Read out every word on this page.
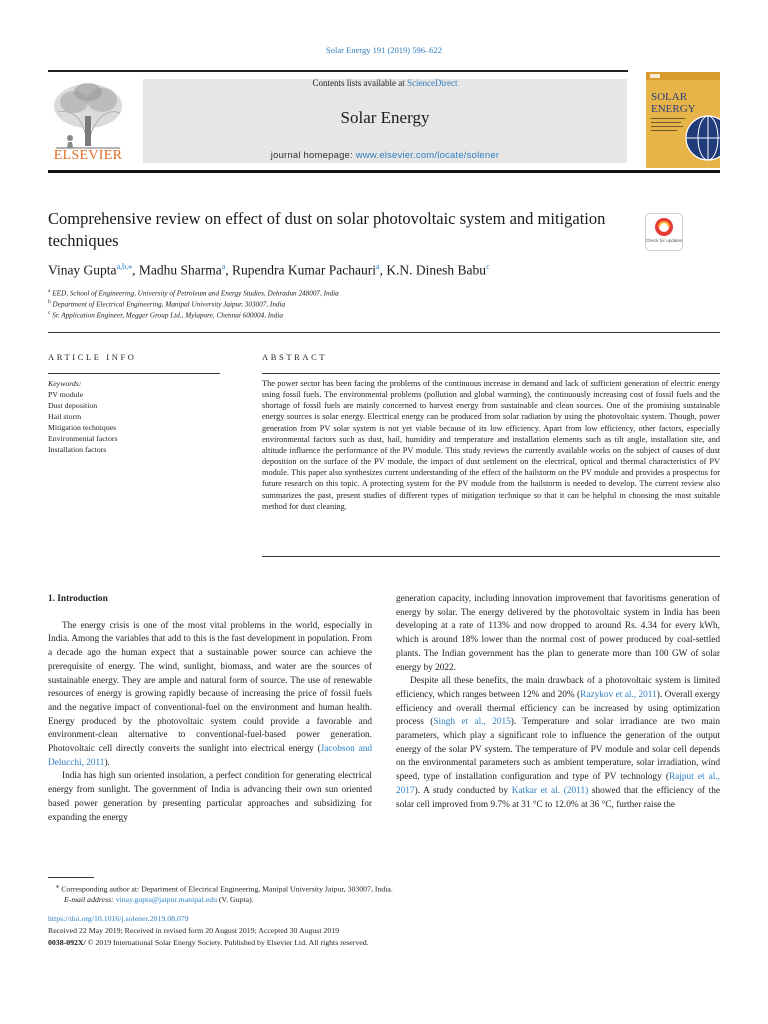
Solar Energy 191 (2019) 596–622
Contents lists available at ScienceDirect
Solar Energy
journal homepage: www.elsevier.com/locate/solener
ELSEVIER
SOLAR
ENERGY
Comprehensive review on effect of dust on solar photovoltaic system and mitigation techniques	Check for updates
Vinay Gupta$^{a,b,⁎}$, Madhu Sharma$^a$, Rupendra Kumar Pachauri$^a$, K.N. Dinesh Babu$^c$
$^a$ EED, School of Engineering, University of Petroleum and Energy Studies, Dehradun 248007, India
$^b$ Department of Electrical Engineering, Manipal University Jaipur, 303007, India
$^c$ Sr. Application Engineer, Megger Group Ltd., Mylapore, Chennai 600004, India
ARTICLE INFO	ABSTRACT
Keywords:
PV module
Dust deposition
Hail storm
Mitigation techniques
Environmental factors
Installation factors
The power sector has been facing the problems of the continuous increase in demand and lack of sufficient generation of electric energy using fossil fuels. The environmental problems (pollution and global warming), the continuously increasing cost of fossil fuels and the shortage of fossil fuels are mainly concerned to harvest energy from sustainable and clean sources. One of the promising sustainable energy sources is solar energy. Electrical energy can be produced from solar radiation by using the photovoltaic system. Though, power generation from PV solar system is not yet viable because of its low efficiency. Apart from low efficiency, other factors, especially environmental factors such as dust, hail, humidity and temperature and installation elements such as tilt angle, installation site, and altitude influence the performance of the PV module. This study reviews the currently available works on the subject of causes of dust deposition on the surface of the PV module, the impact of dust settlement on the electrical, optical and thermal characteristics of PV module. This paper also synthesizes current understanding of the effect of the hailstorm on the PV module and provides a prospectus for future research on this topic. A protecting system for the PV module from the hailstorm is needed to develop. The current review also summarizes the past, present studies of different types of mitigation technique so that it can be helpful in choosing the most suitable method for dust cleaning.

1. Introduction

The energy crisis is one of the most vital problems in the world, especially in India. Among the variables that add to this is the fast development in population. From a decade ago the human expect that a sustainable power source can achieve the prerequisite of energy. The wind, sunlight, biomass, and water are the sources of sustainable energy. They are ample and natural form of source. The use of renewable resources of energy is growing rapidly because of increasing the price of fossil fuels and the negative impact of conventional-fuel on the environment and human health. Energy produced by the photovoltaic system could provide a favorable and environment-clean alternative to conventional-fuel-based power generation. Photovoltaic cell directly converts the sunlight into electrical energy (Jacobson and Delucchi, 2011).

India has high sun oriented insolation, a perfect condition for generating electrical energy from sunlight. The government of India is advancing their own sun oriented based power generation by presenting particular approaches and subsidizing for expanding the energy

generation capacity, including innovation improvement that favoritisms generation of energy by solar. The energy delivered by the photovoltaic system in India has been developing at a rate of 113% and now dropped to around Rs. 4.34 for every kWh, which is around 18% lower than the normal cost of power produced by coal-settled plants. The Indian government has the plan to generate more than 100 GW of solar energy by 2022.

Despite all these benefits, the main drawback of a photovoltaic system is limited efficiency, which ranges between 12% and 20% (Razykov et al., 2011). Overall exergy efficiency and overall thermal efficiency can be increased by using optimization process (Singh et al., 2015). Temperature and solar irradiance are two main parameters, which play a significant role to influence the generation of the output energy of the solar PV system. The temperature of PV module and solar cell depends on the environmental parameters such as ambient temperature, solar irradiation, wind speed, type of installation configuration and type of PV technology (Rajput et al., 2017). A study conducted by Katkar et al. (2011) showed that the efficiency of the solar cell improved from 9.7% at 31 °C to 12.0% at 36 °C, further raise the

⁎ Corresponding author at: Department of Electrical Engineering, Manipal University Jaipur, 303007, India.
E-mail address: vinay.gupta@jaipur.manipal.edu (V. Gupta).
https://doi.org/10.1016/j.solener.2019.08.079
Received 22 May 2019; Received in revised form 20 August 2019; Accepted 30 August 2019
0038-092X/ © 2019 International Solar Energy Society. Published by Elsevier Ltd. All rights reserved.
